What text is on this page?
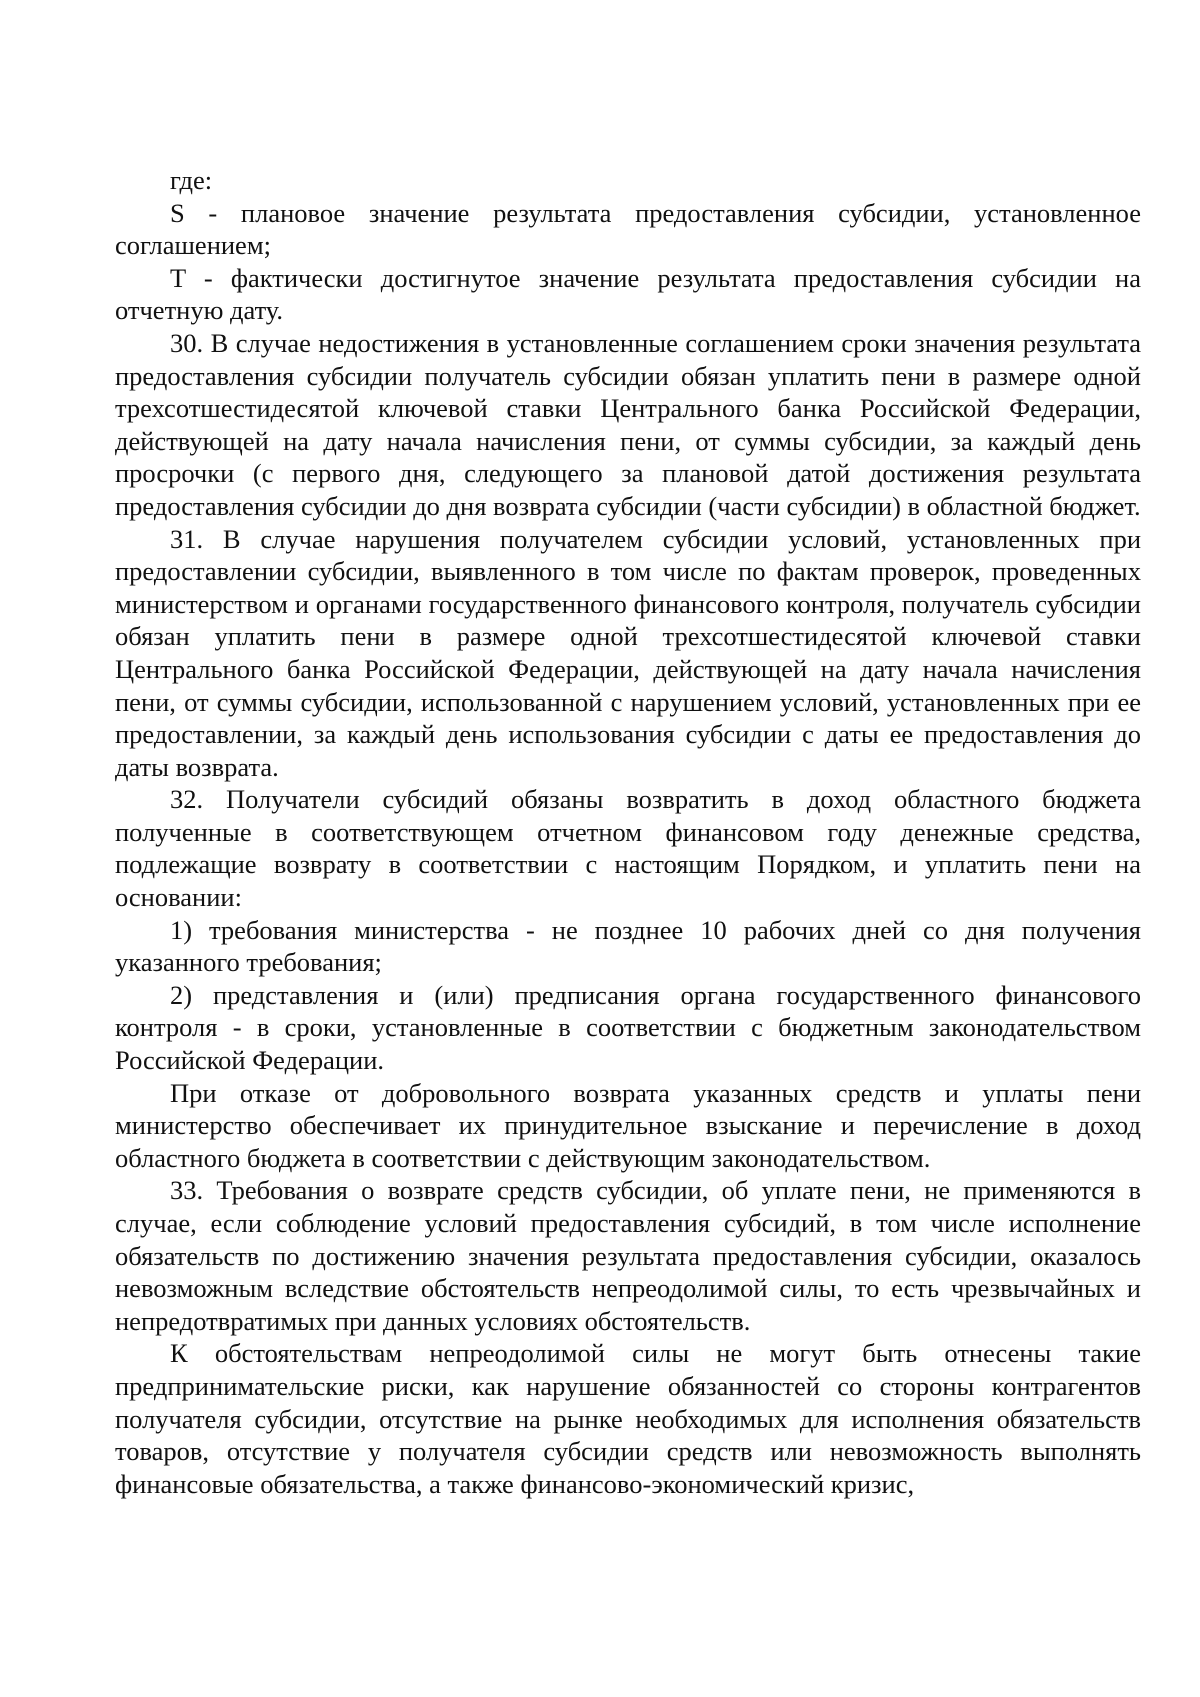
где:

S - плановое значение результата предоставления субсидии, установленное соглашением;

T - фактически достигнутое значение результата предоставления субсидии на отчетную дату.

30. В случае недостижения в установленные соглашением сроки значения результата предоставления субсидии получатель субсидии обязан уплатить пени в размере одной трехсотшестидесятой ключевой ставки Центрального банка Российской Федерации, действующей на дату начала начисления пени, от суммы субсидии, за каждый день просрочки (с первого дня, следующего за плановой датой достижения результата предоставления субсидии до дня возврата субсидии (части субсидии) в областной бюджет.

31. В случае нарушения получателем субсидии условий, установленных при предоставлении субсидии, выявленного в том числе по фактам проверок, проведенных министерством и органами государственного финансового контроля, получатель субсидии обязан уплатить пени в размере одной трехсотшестидесятой ключевой ставки Центрального банка Российской Федерации, действующей на дату начала начисления пени, от суммы субсидии, использованной с нарушением условий, установленных при ее предоставлении, за каждый день использования субсидии с даты ее предоставления до даты возврата.

32. Получатели субсидий обязаны возвратить в доход областного бюджета полученные в соответствующем отчетном финансовом году денежные средства, подлежащие возврату в соответствии с настоящим Порядком, и уплатить пени на основании:

1) требования министерства - не позднее 10 рабочих дней со дня получения указанного требования;

2) представления и (или) предписания органа государственного финансового контроля - в сроки, установленные в соответствии с бюджетным законодательством Российской Федерации.

При отказе от добровольного возврата указанных средств и уплаты пени министерство обеспечивает их принудительное взыскание и перечисление в доход областного бюджета в соответствии с действующим законодательством.

33. Требования о возврате средств субсидии, об уплате пени, не применяются в случае, если соблюдение условий предоставления субсидий, в том числе исполнение обязательств по достижению значения результата предоставления субсидии, оказалось невозможным вследствие обстоятельств непреодолимой силы, то есть чрезвычайных и непредотвратимых при данных условиях обстоятельств.

К обстоятельствам непреодолимой силы не могут быть отнесены такие предпринимательские риски, как нарушение обязанностей со стороны контрагентов получателя субсидии, отсутствие на рынке необходимых для исполнения обязательств товаров, отсутствие у получателя субсидии средств или невозможность выполнять финансовые обязательства, а также финансово-экономический кризис,
